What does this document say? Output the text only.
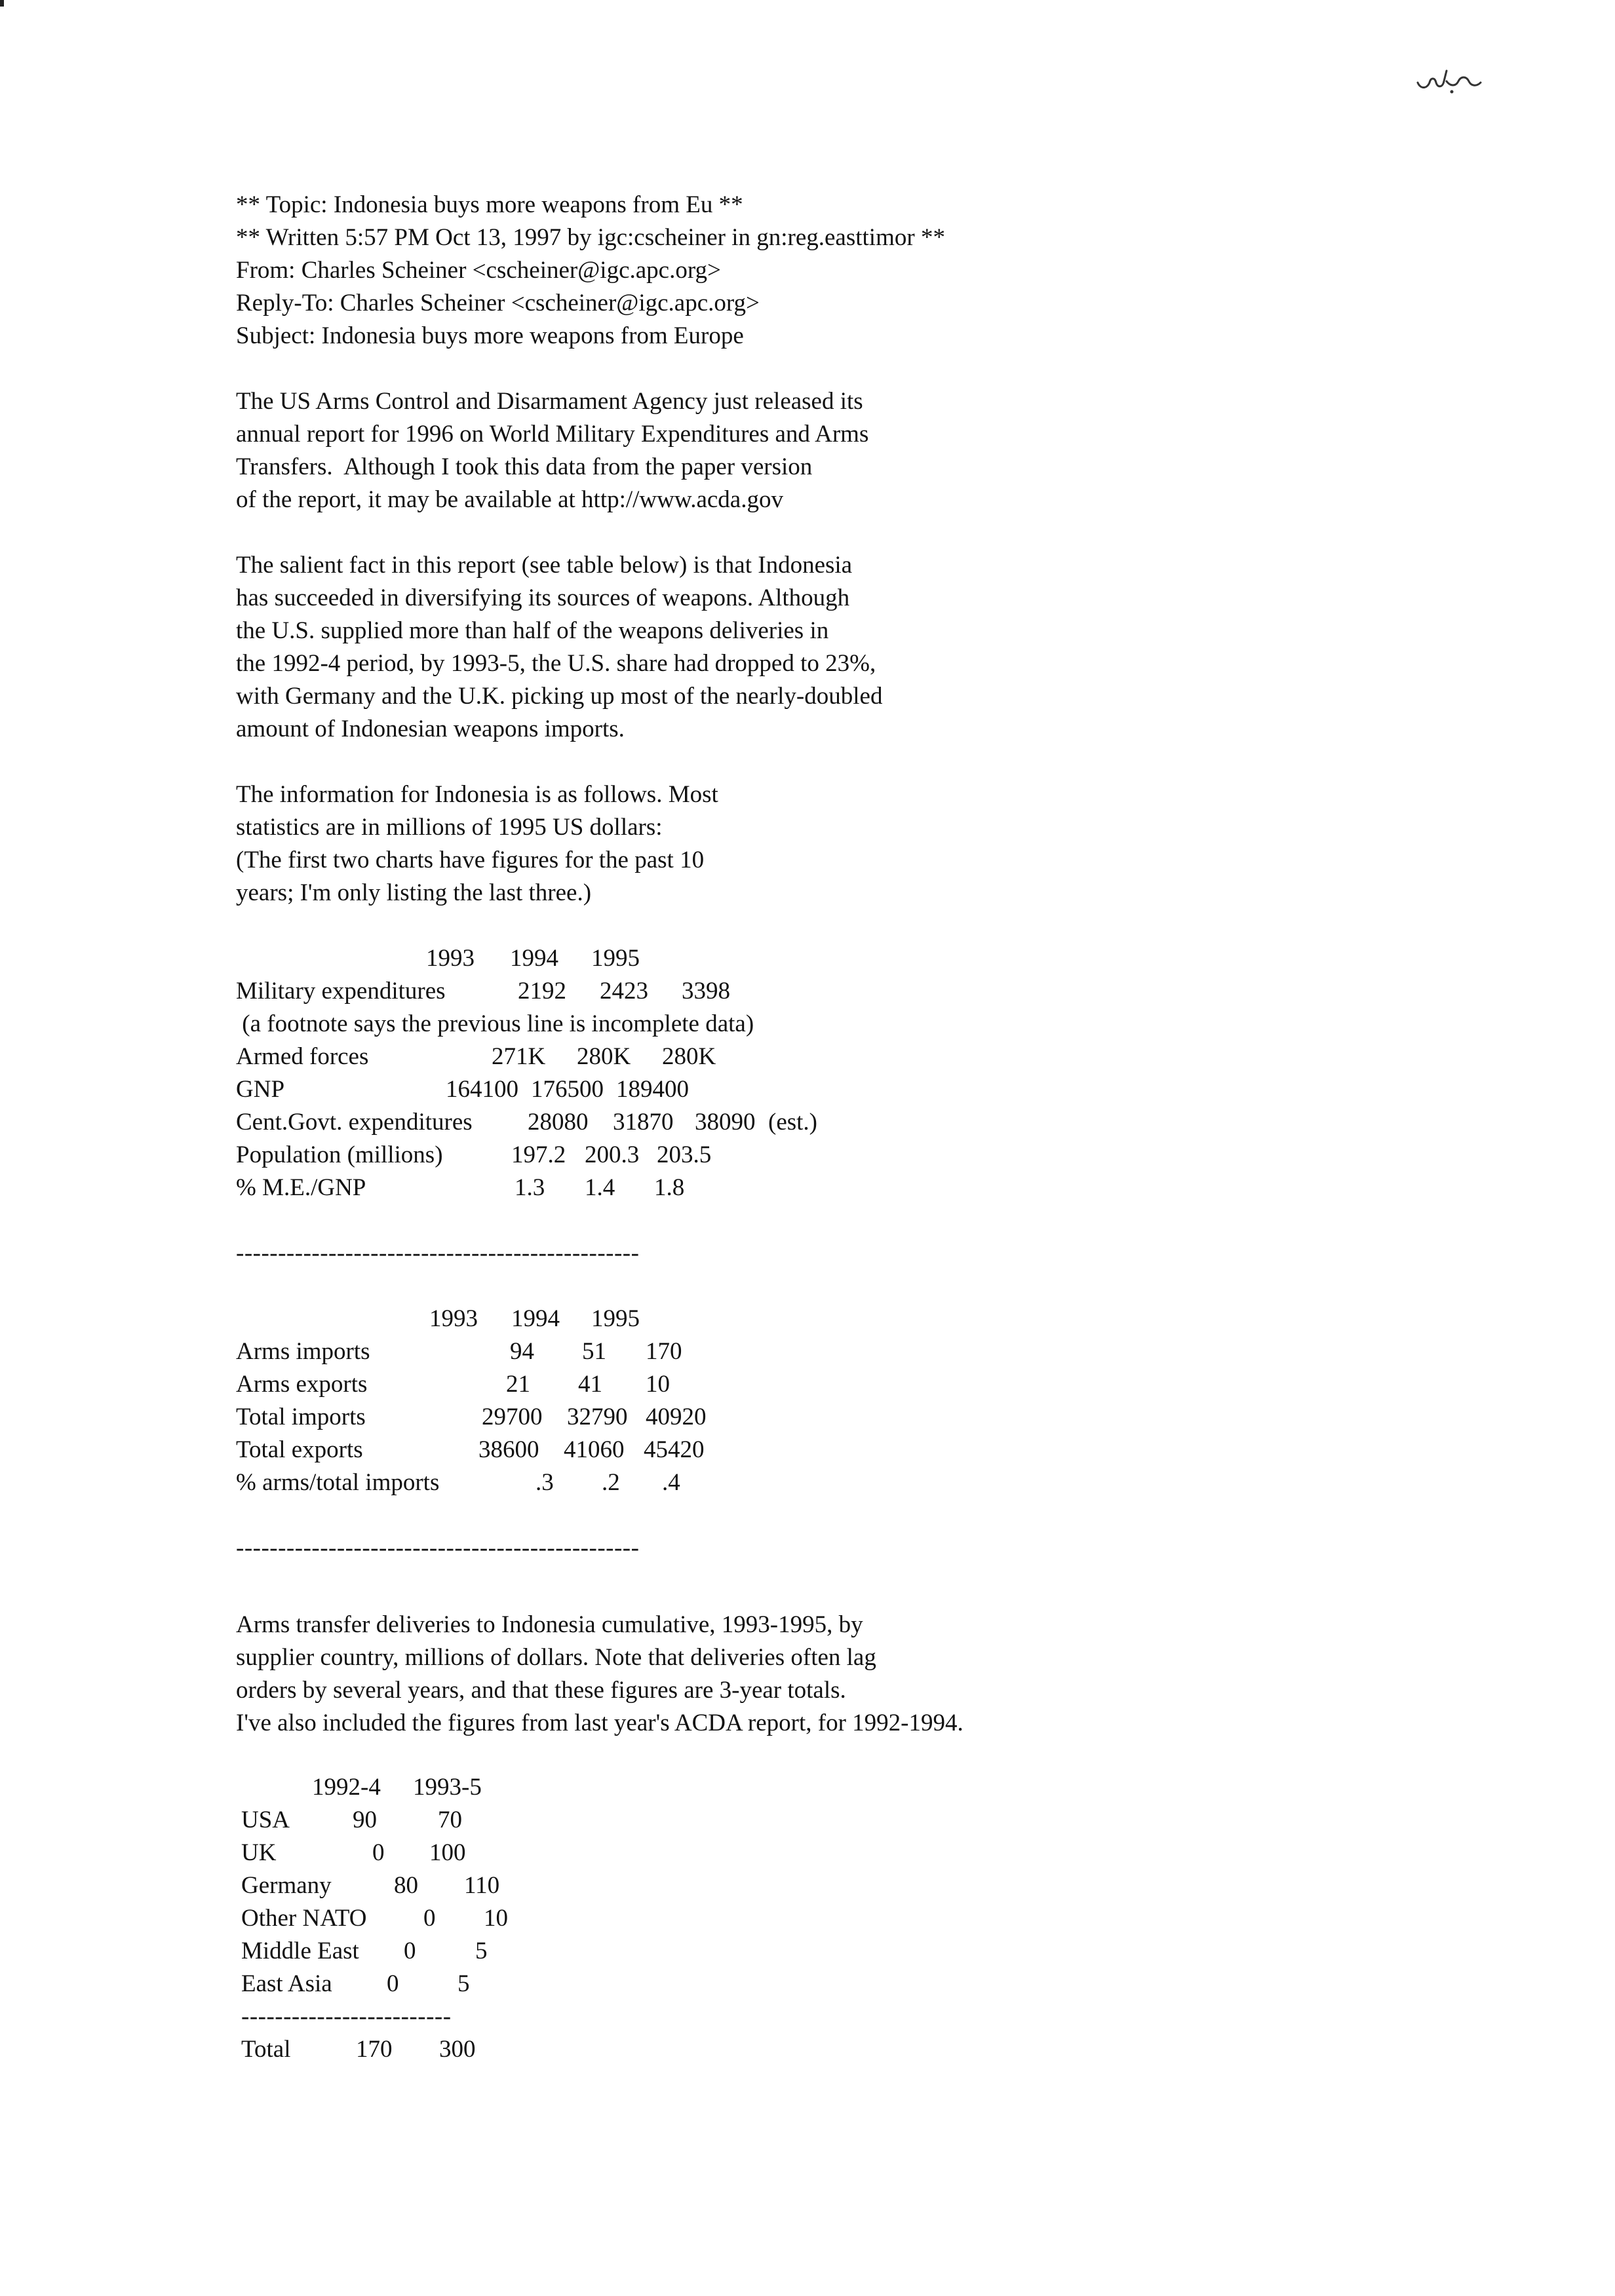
** Topic: Indonesia buys more weapons from Eu **
** Written 5:57 PM Oct 13, 1997 by igc:cscheiner in gn:reg.easttimor **
From: Charles Scheiner <cscheiner@igc.apc.org>
Reply-To: Charles Scheiner <cscheiner@igc.apc.org>
Subject: Indonesia buys more weapons from Europe
The US Arms Control and Disarmament Agency just released its
annual report for 1996 on World Military Expenditures and Arms
Transfers.  Although I took this data from the paper version
of the report, it may be available at http://www.acda.gov
The salient fact in this report (see table below) is that Indonesia
has succeeded in diversifying its sources of weapons. Although
the U.S. supplied more than half of the weapons deliveries in
the 1992-4 period, by 1993-5, the U.S. share had dropped to 23%,
with Germany and the U.K. picking up most of the nearly-doubled
amount of Indonesian weapons imports.
The information for Indonesia is as follows. Most
statistics are in millions of 1995 US dollars:
(The first two charts have figures for the past 10
years; I'm only listing the last three.)
1993 1994 1995
Military expenditures	2192 2423 3398
(a footnote says the previous line is incomplete data)
Armed forces	271K 280K 280K
GNP	164100 176500 189400
Cent.Govt. expenditures 28080 31870 38090 (est.)
Population (millions)	197.2 200.3 203.5
% M.E./GNP	1.3 1.4 1.8
------------------------------------------------
1993 1994 1995
Arms imports	94 51 170
Arms exports	21 41 10
Total imports	29700 32790 40920
Total exports	38600 41060 45420
% arms/total imports	.3 .2 .4
------------------------------------------------
Arms transfer deliveries to Indonesia cumulative, 1993-1995, by
supplier country, millions of dollars. Note that deliveries often lag
orders by several years, and that these figures are 3-year totals.
I've also included the figures from last year's ACDA report, for 1992-1994.
1992-4 1993-5
USA	90	70
UK	0 100
Germany	80 110
Other NATO 0 10
Middle East 0 5
East Asia 0 5
-------------------------
Total	170 300
